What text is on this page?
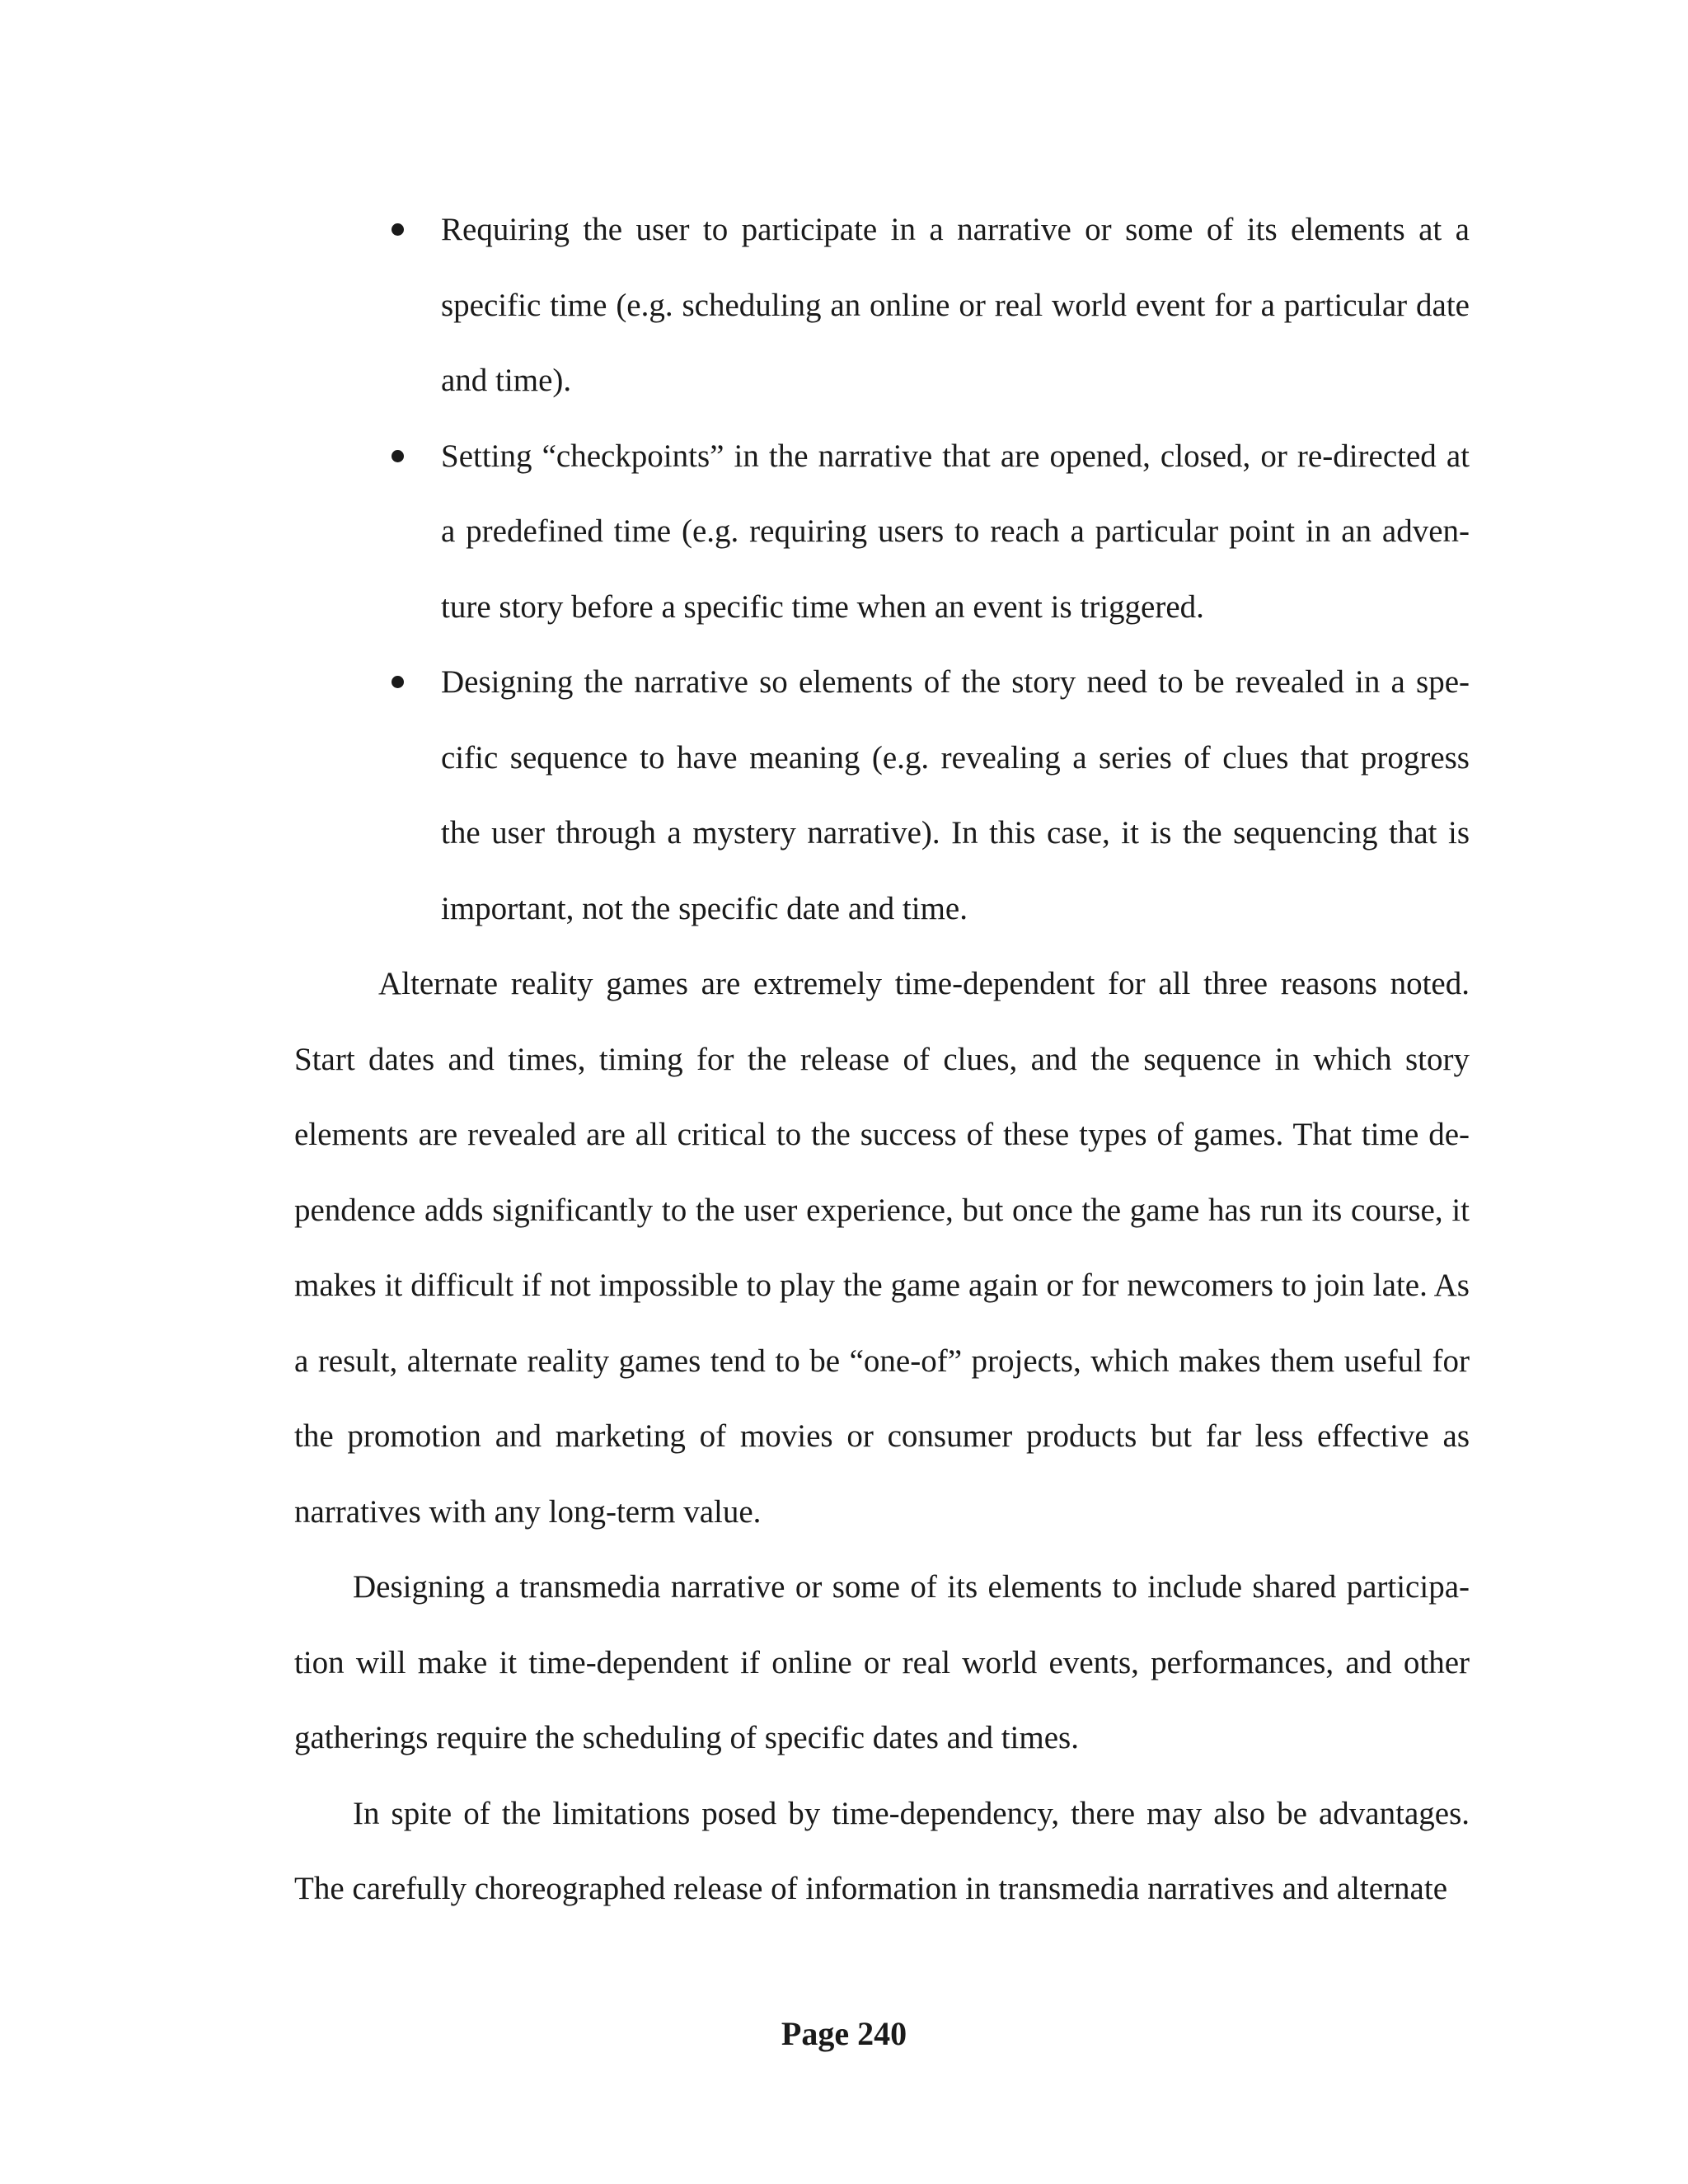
Requiring the user to participate in a narrative or some of its elements at a specific time (e.g. scheduling an online or real world event for a particular date and time).
Setting “checkpoints” in the narrative that are opened, closed, or re-directed at a predefined time (e.g. requiring users to reach a particular point in an adven-ture story before a specific time when an event is triggered.
Designing the narrative so elements of the story need to be revealed in a spe-cific sequence to have meaning (e.g. revealing a series of clues that progress the user through a mystery narrative). In this case, it is the sequencing that is important, not the specific date and time.

Alternate reality games are extremely time-dependent for all three reasons noted. Start dates and times, timing for the release of clues, and the sequence in which story elements are revealed are all critical to the success of these types of games. That time de-pendence adds significantly to the user experience, but once the game has run its course, it makes it difficult if not impossible to play the game again or for newcomers to join late. As a result, alternate reality games tend to be “one-of” projects, which makes them useful for the promotion and marketing of movies or consumer products but far less effective as narratives with any long-term value.

Designing a transmedia narrative or some of its elements to include shared participa-tion will make it time-dependent if online or real world events, performances, and other gatherings require the scheduling of specific dates and times.

In spite of the limitations posed by time-dependency, there may also be advantages. The carefully choreographed release of information in transmedia narratives and alternate

Page 240
